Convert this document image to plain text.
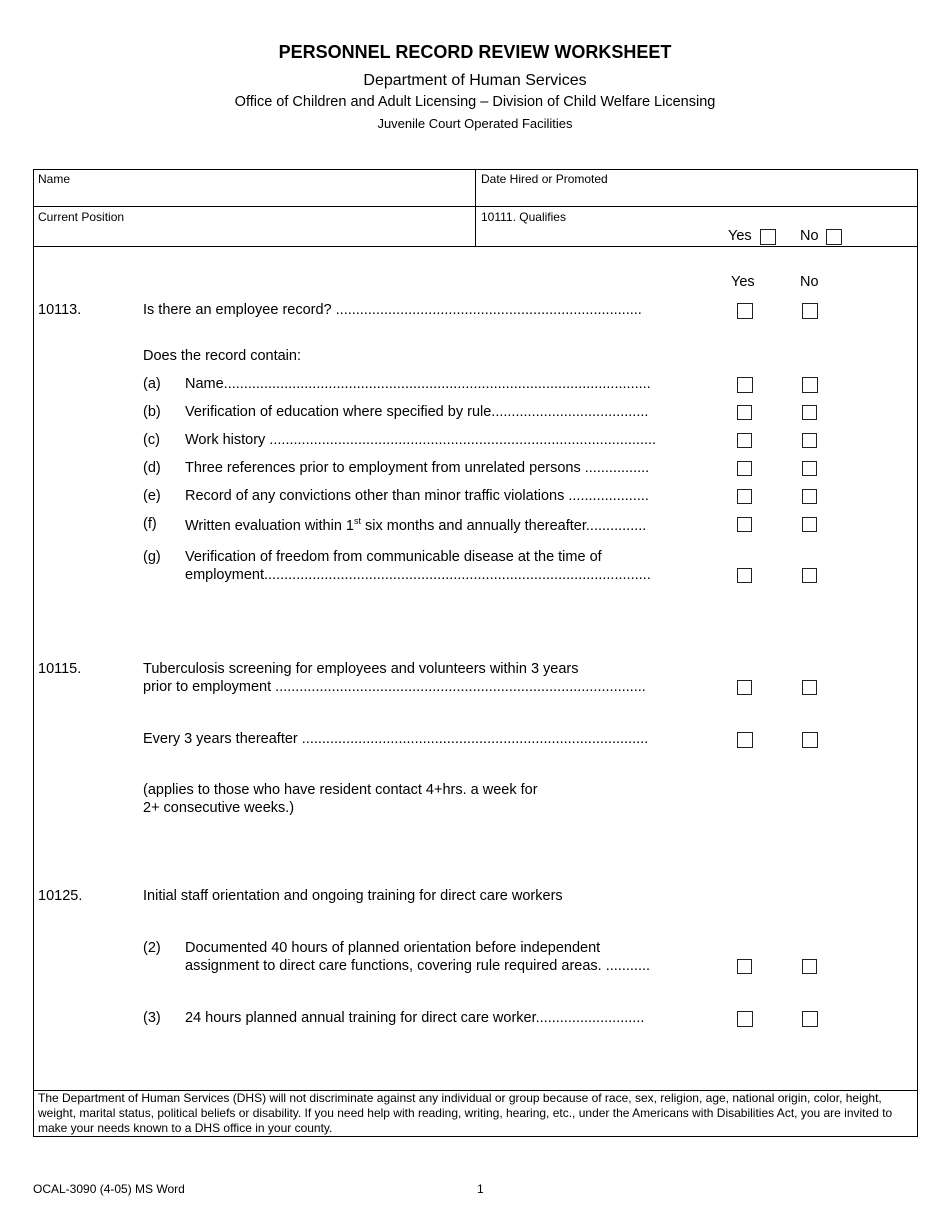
PERSONNEL RECORD REVIEW WORKSHEET
Department of Human Services
Office of Children and Adult Licensing – Division of Child Welfare Licensing
Juvenile Court Operated Facilities
Name	Date Hired or Promoted
Current Position	10111. Qualifies
Yes	No
Yes	No
10113.	Is there an employee record? ............................................................................
Does the record contain:
(a) Name..........................................................................................................
(b) Verification of education where specified by rule.......................................
(c) Work history ................................................................................................
(d) Three references prior to employment from unrelated persons ................
(e) Record of any convictions other than minor traffic violations ....................
(f) Written evaluation within 1st six months and annually thereafter...............
(g) Verification of freedom from communicable disease at the time of
employment................................................................................................
10115.	Tuberculosis screening for employees and volunteers within 3 years
prior to employment ............................................................................................
Every 3 years thereafter ......................................................................................
(applies to those who have resident contact 4+hrs. a week for
2+ consecutive weeks.)
10125.	Initial staff orientation and ongoing training for direct care workers
(2) Documented 40 hours of planned orientation before independent
assignment to direct care functions, covering rule required areas. ...........
(3) 24 hours planned annual training for direct care worker...........................
The Department of Human Services (DHS) will not discriminate against any individual or group because of race, sex, religion, age, national origin, color, height, weight, marital status, political beliefs or disability. If you need help with reading, writing, hearing, etc., under the Americans with Disabilities Act, you are invited to make your needs known to a DHS office in your county.
OCAL-3090 (4-05) MS Word	1
